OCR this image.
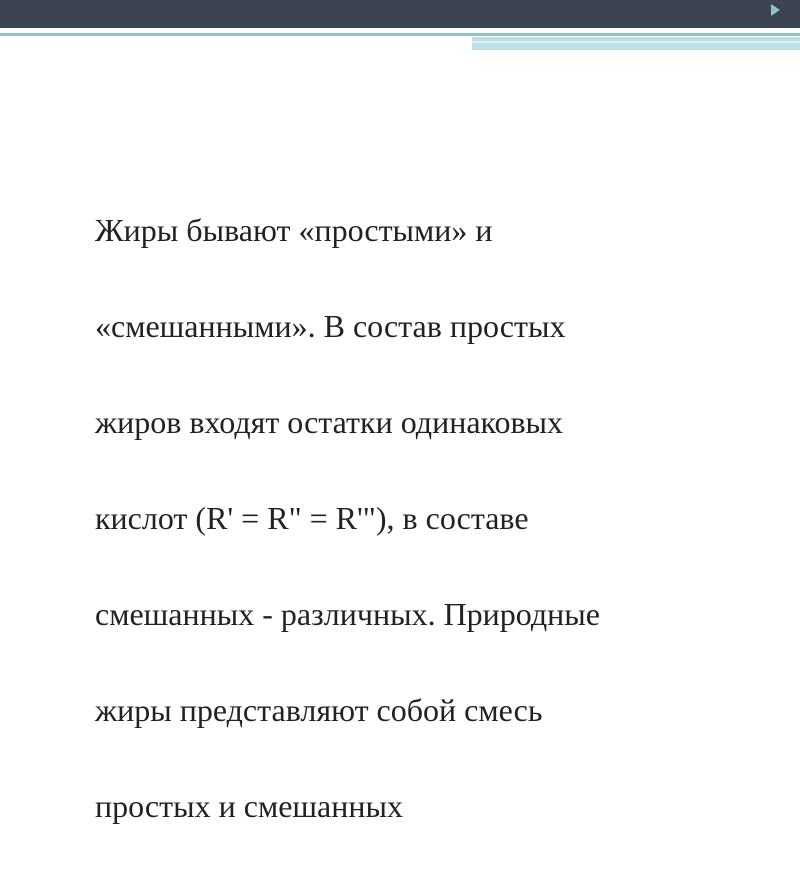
Жиры бывают «простыми» и

«смешанными». В состав простых

жиров входят остатки одинаковых

кислот (R' = R" = R'"), в составе

смешанных - различных. Природные

жиры представляют собой смесь

простых и смешанных
